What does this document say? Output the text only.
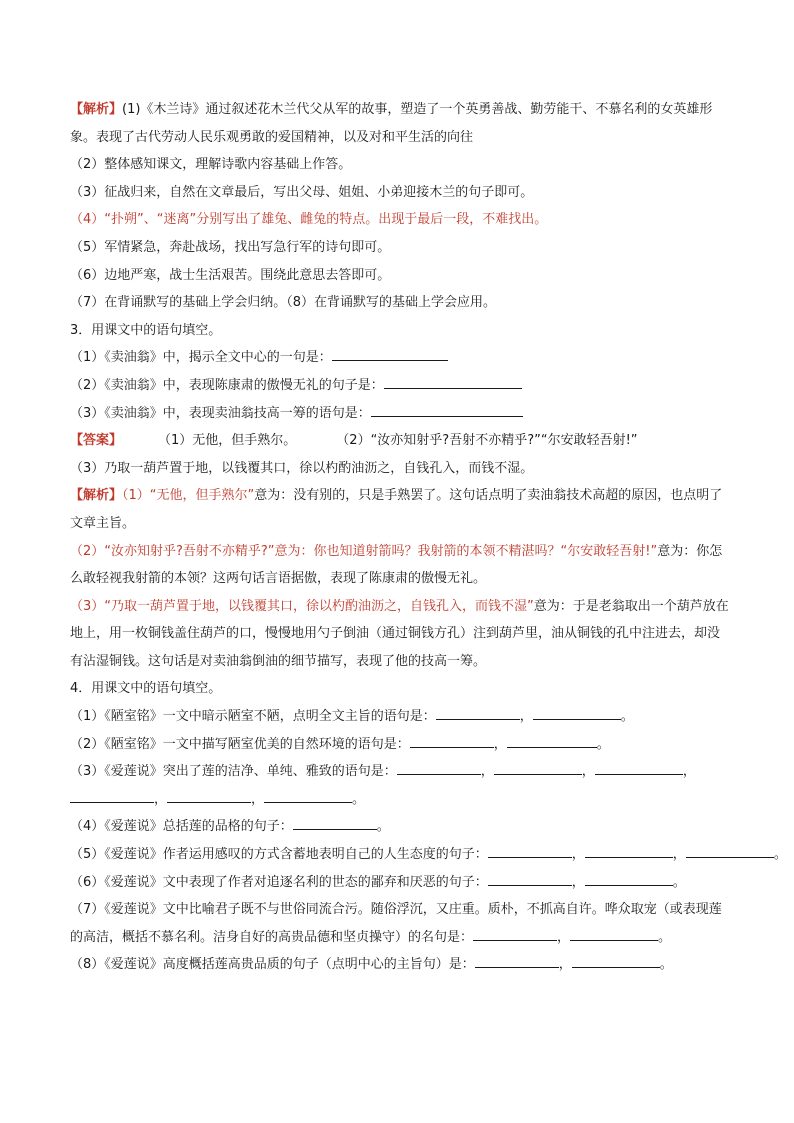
【解析】(1)《木兰诗》通过叙述花木兰代父从军的故事，塑造了一个英勇善战、勤劳能干、不慕名利的女英雄形象。表现了古代劳动人民乐观勇敢的爱国精神，以及对和平生活的向往
（2）整体感知课文，理解诗歌内容基础上作答。
（3）征战归来，自然在文章最后，写出父母、姐姐、小弟迎接木兰的句子即可。
（4）“扑朔”、“迷离”分别写出了雄兔、雌兔的特点。出现于最后一段，不难找出。
（5）军情紧急，奔赴战场，找出写急行军的诗句即可。
（6）边地严寒，战士生活艰苦。围绕此意思去答即可。
（7）在背诵默写的基础上学会归纳。（8）在背诵默写的基础上学会应用。
3．用课文中的语句填空。
（1）《卖油翁》中，揭示全文中心的一句是：
（2）《卖油翁》中，表现陈康肃的傲慢无礼的句子是：
（3）《卖油翁》中，表现卖油翁技高一筹的语句是：
【答案】	（1）无他，但手熟尔。	（2）“汝亦知射乎?吾射不亦精乎?”“尔安敢轻吾射!”
（3）乃取一葫芦置于地，以钱覆其口，徐以杓酌油沥之，自钱孔入，而钱不湿。
【解析】（1）“无他，但手熟尔”意为：没有别的，只是手熟罢了。这句话点明了卖油翁技术高超的原因，也点明了文章主旨。
（2）“汝亦知射乎?吾射不亦精乎?”意为：你也知道射箭吗？我射箭的本领不精湛吗？“尔安敢轻吾射!”意为：你怎么敢轻视我射箭的本领？这两句话言语据傲，表现了陈康肃的傲慢无礼。
（3）“乃取一葫芦置于地，以钱覆其口，徐以杓酌油沥之，自钱孔入，而钱不湿”意为：于是老翁取出一个葫芦放在地上，用一枚铜钱盖住葫芦的口，慢慢地用勺子倒油（通过铜钱方孔）注到葫芦里，油从铜钱的孔中注进去，却没有沾湿铜钱。这句话是对卖油翁倒油的细节描写，表现了他的技高一筹。
4．用课文中的语句填空。
（1）《陋室铭》一文中暗示陋室不陋，点明全文主旨的语句是：	，	。
（2）《陋室铭》一文中描写陋室优美的自然环境的语句是：	，	。
（3）《爱莲说》突出了莲的洁净、单纯、雅致的语句是：	，	，	，
，	，	。
（4）《爱莲说》总括莲的品格的句子：	。
（5）《爱莲说》作者运用感叹的方式含蓄地表明自己的人生态度的句子：	，	，	。
（6）《爱莲说》文中表现了作者对追逐名利的世态的鄙弃和厌恶的句子：	，	。
（7）《爱莲说》文中比喻君子既不与世俗同流合污。随俗浮沉，又庄重。质朴，不抓高自许。哗众取宠（或表现莲的高洁，概括不慕名利。洁身自好的高贵品德和坚贞操守）的名句是：	，	。
（8）《爱莲说》高度概括莲高贵品质的句子（点明中心的主旨句）是：	，	。
